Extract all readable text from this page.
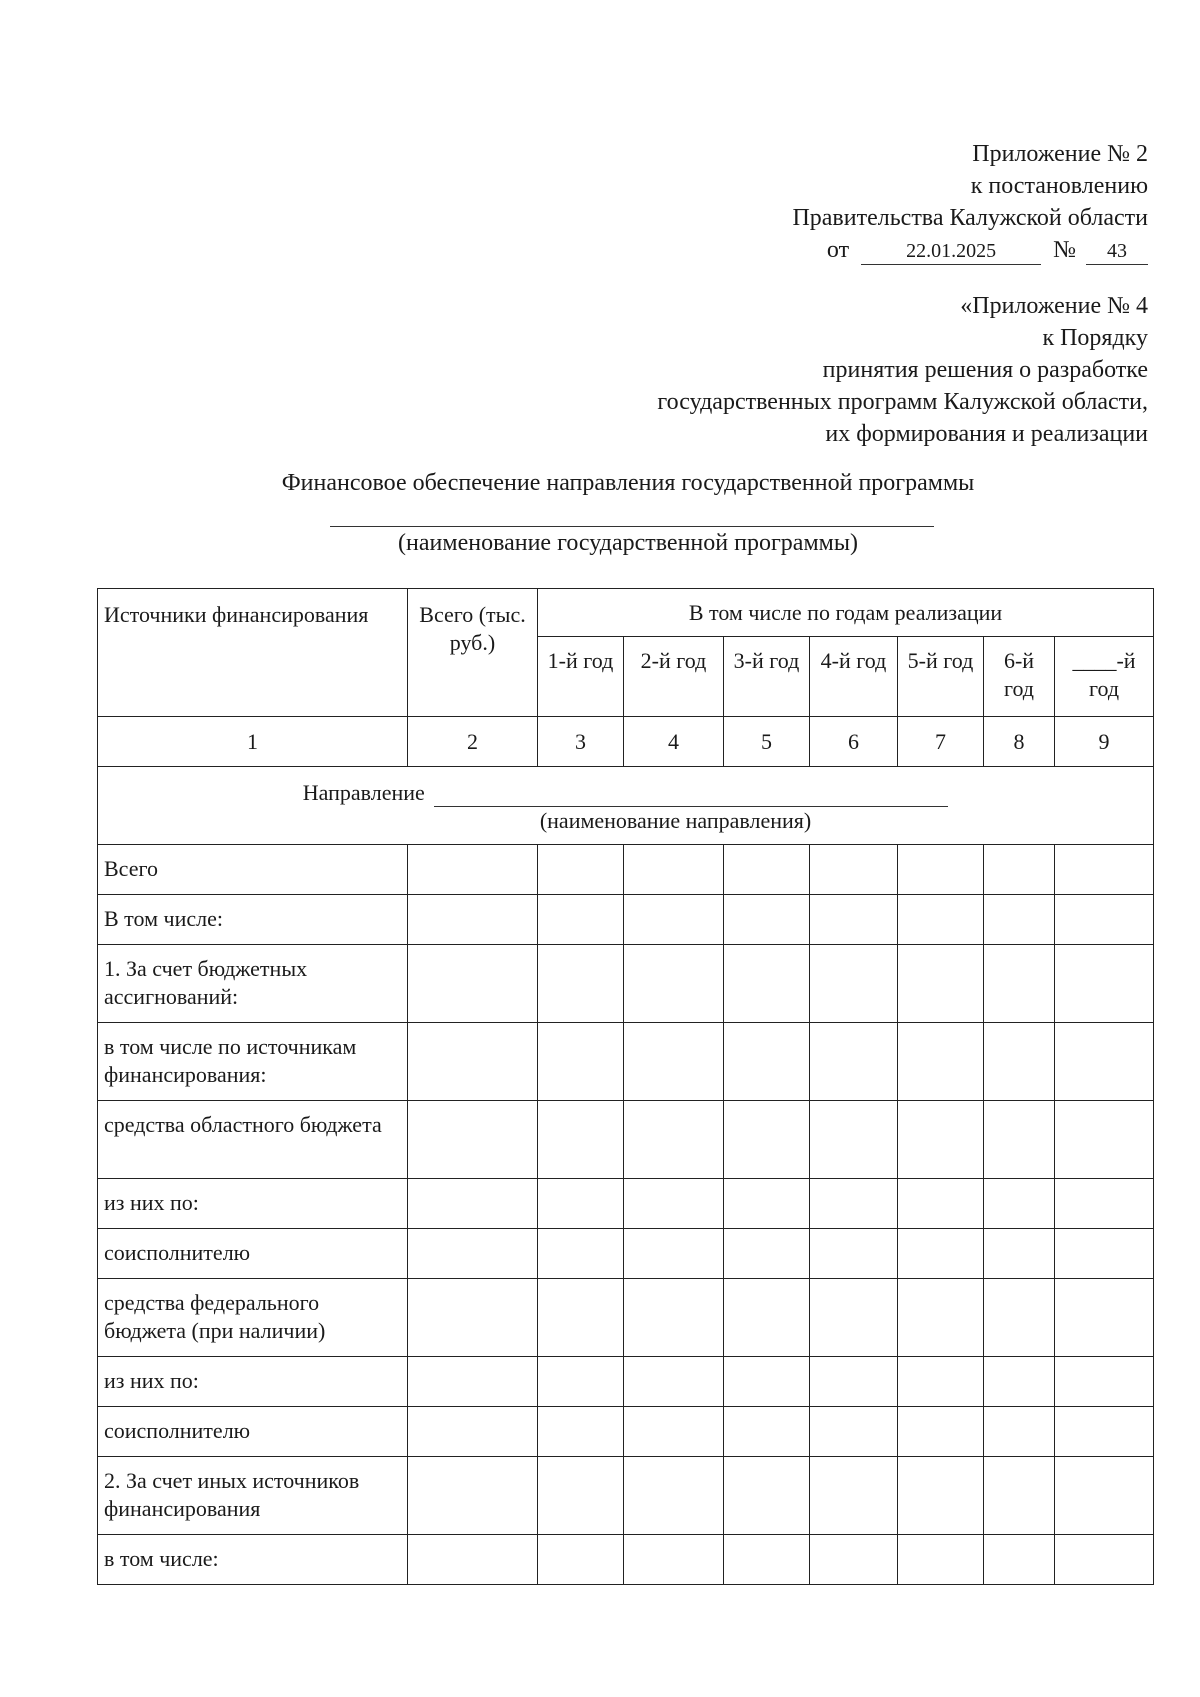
Приложение № 2
к постановлению
Правительства Калужской области
от	22.01.2025 № 43
«Приложение № 4
к Порядку
принятия решения о разработке
государственных программ Калужской области,
их формирования и реализации
Финансовое обеспечение направления государственной программы
(наименование государственной программы)
Источники финансирования	Всего (тыс. руб.)	В том числе по годам реализации						
		1-й год	2-й год	3-й год	4-й год	5-й год	6-й год	____-й год
1	2	3	4	5	6	7	8	9

Направление
(наименование направления)								

Всего								
В том числе:								
1. За счет бюджетных ассигнований:								
в том числе по источникам финансирования:								
средства областного бюджета								
из них по:								
соисполнителю								
средства федерального бюджета (при наличии)								
из них по:								
соисполнителю								
2. За счет иных источников финансирования								
в том числе:								
